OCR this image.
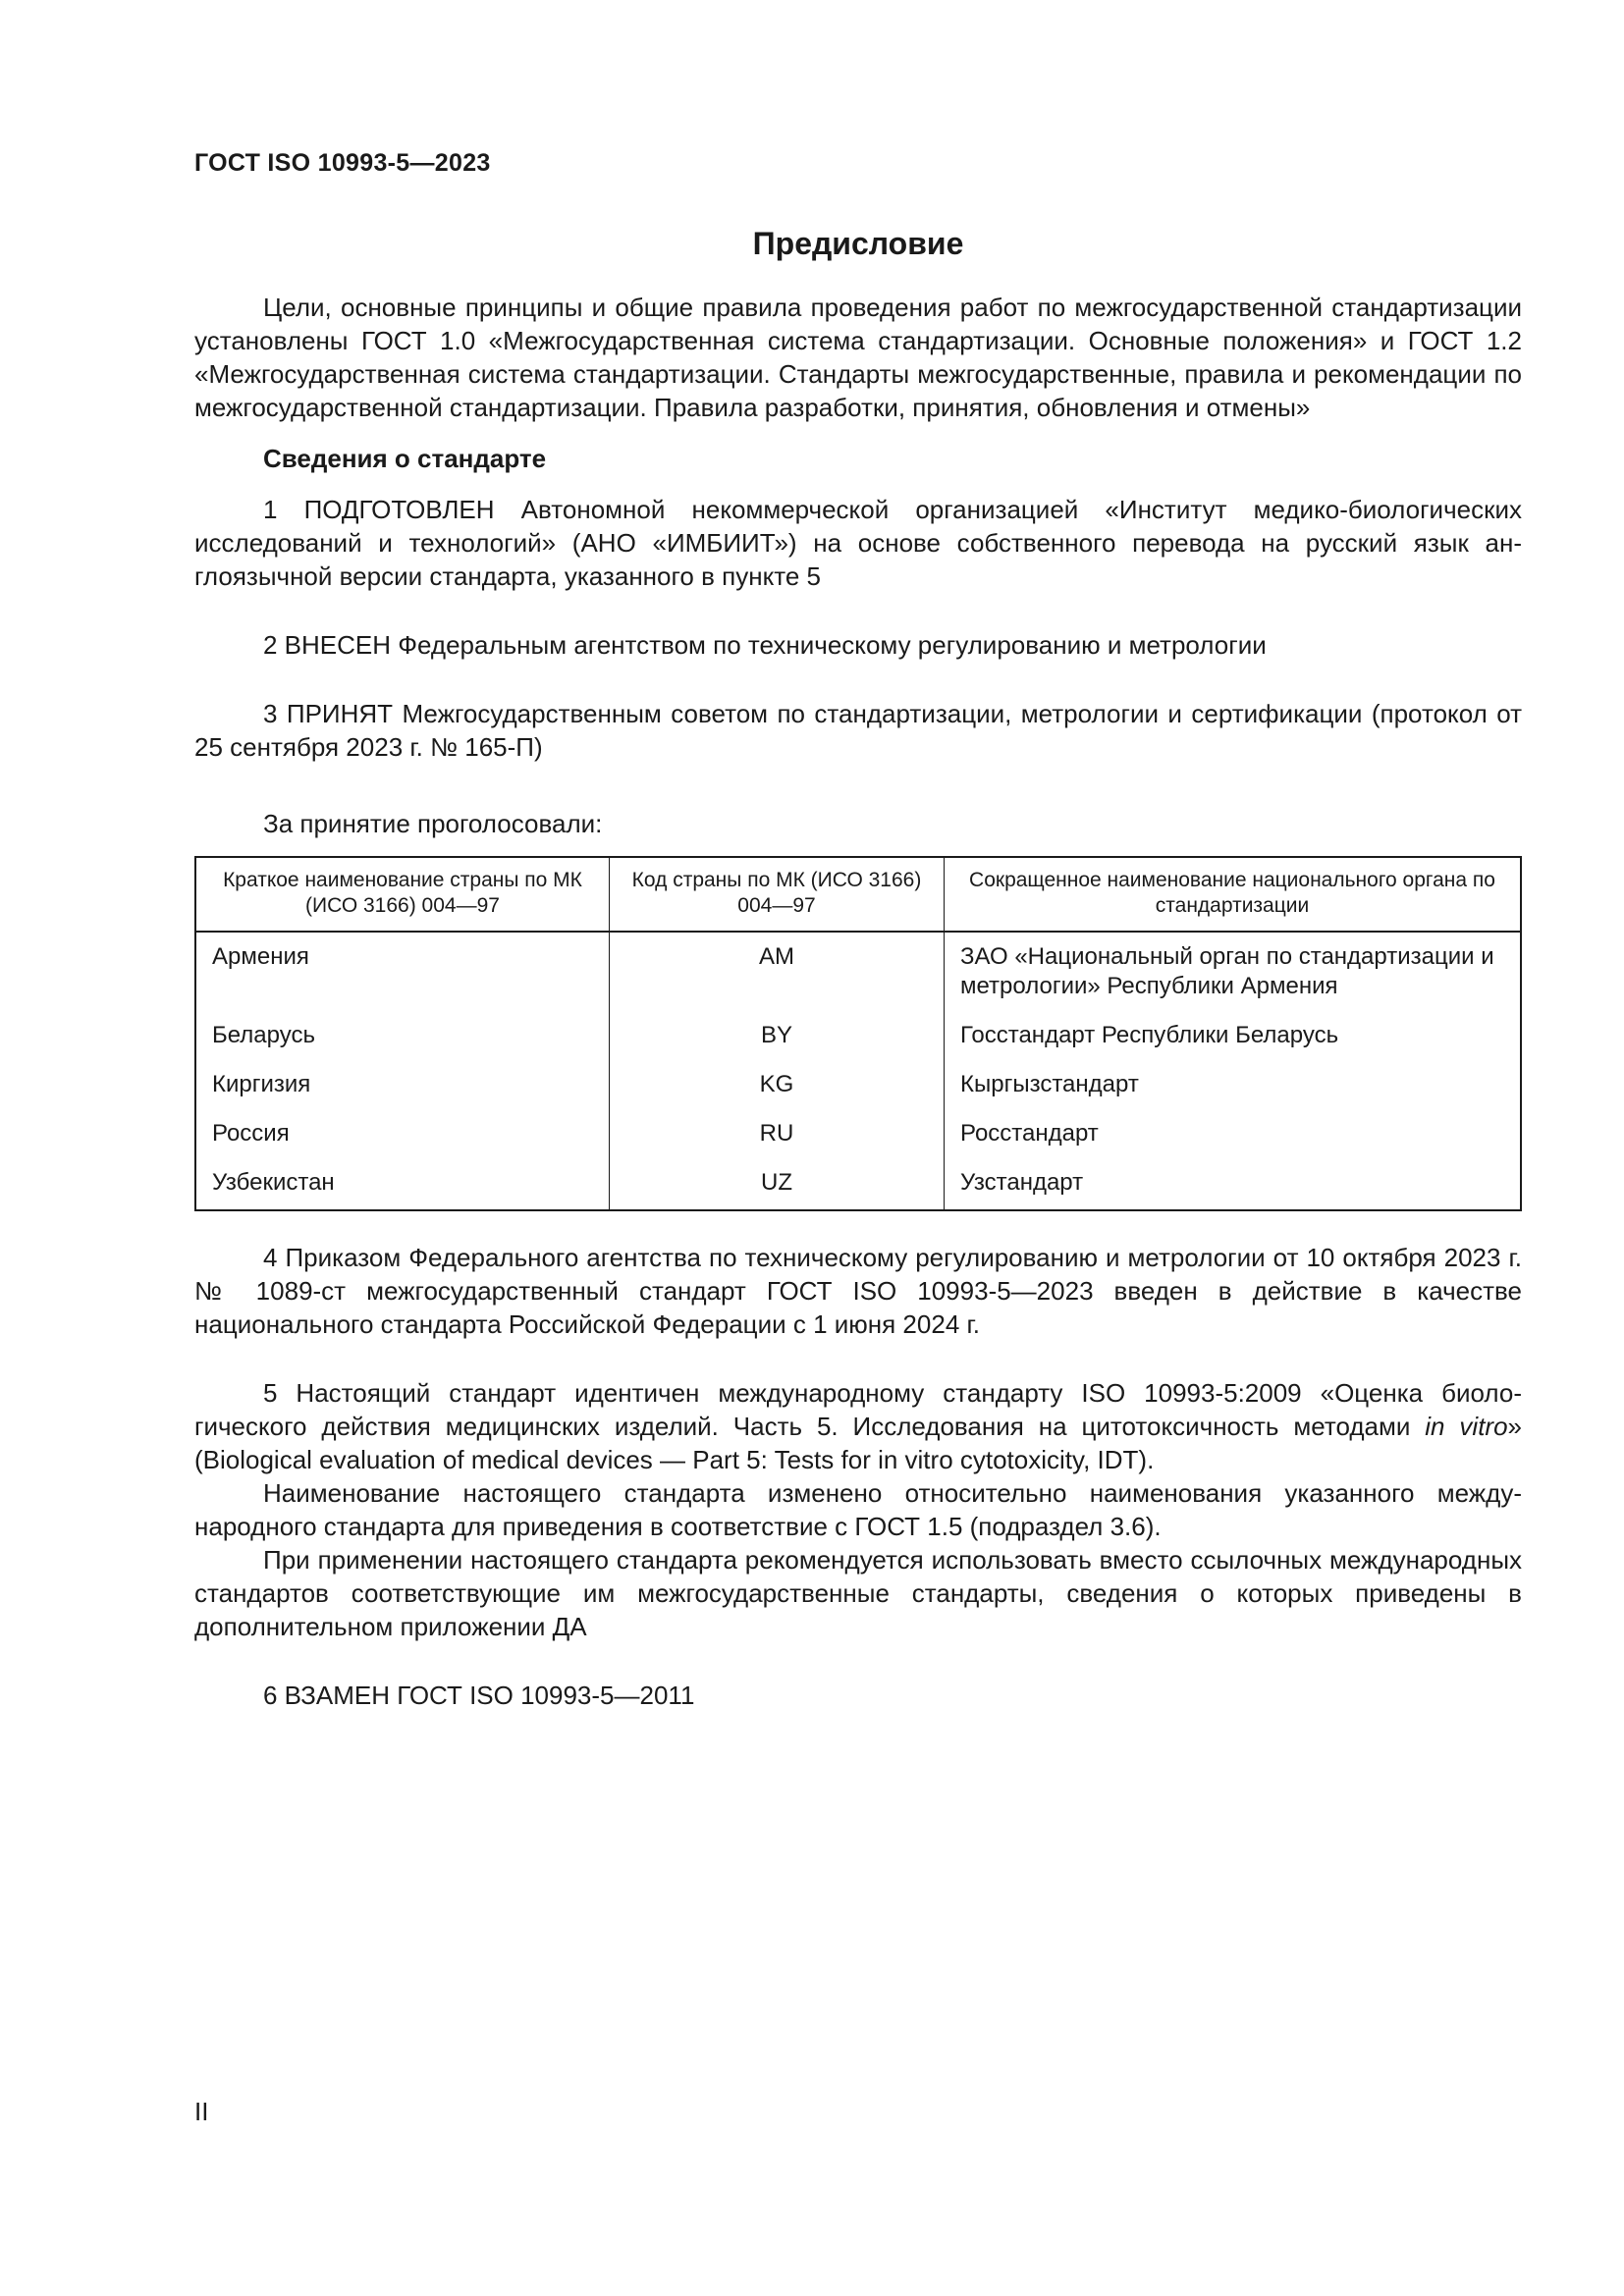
ГОСТ ISO 10993-5—2023
Предисловие

Цели, основные принципы и общие правила проведения работ по межгосударственной стандартизации установлены ГОСТ 1.0 «Межгосударственная система стандартизации. Основные положения» и ГОСТ 1.2 «Межгосударственная система стандартизации. Стандарты межгосударственные, правила и рекомендации по межгосударственной стандартизации. Правила разработки, принятия, обновления и отмены»

Сведения о стандарте

1 ПОДГОТОВЛЕН Автономной некоммерческой организацией «Институт медико-биологических исследований и технологий» (АНО «ИМБИИТ») на основе собственного перевода на русский язык англоязычной версии стандарта, указанного в пункте 5

2 ВНЕСЕН Федеральным агентством по техническому регулированию и метрологии

3 ПРИНЯТ Межгосударственным советом по стандартизации, метрологии и сертификации (протокол от 25 сентября 2023 г. № 165-П)

За принятие проголосовали:

Краткое наименование страны по МК (ИСО 3166) 004—97	Код страны по МК (ИСО 3166) 004—97	Сокращенное наименование национального органа по стандартизации
Армения	AM	ЗАО «Национальный орган по стандартизации и метрологии» Республики Армения
Беларусь	BY	Госстандарт Республики Беларусь
Киргизия	KG	Кыргызстандарт
Россия	RU	Росстандарт
Узбекистан	UZ	Узстандарт

4 Приказом Федерального агентства по техническому регулированию и метрологии от 10 октября 2023 г. № 1089-ст межгосударственный стандарт ГОСТ ISO 10993-5—2023 введен в действие в качестве национального стандарта Российской Федерации с 1 июня 2024 г.

5 Настоящий стандарт идентичен международному стандарту ISO 10993-5:2009 «Оценка биологического действия медицинских изделий. Часть 5. Исследования на цитотоксичность методами in vitro» (Biological evaluation of medical devices — Part 5: Tests for in vitro cytotoxicity, IDT).

Наименование настоящего стандарта изменено относительно наименования указанного международного стандарта для приведения в соответствие с ГОСТ 1.5 (подраздел 3.6).

При применении настоящего стандарта рекомендуется использовать вместо ссылочных международных стандартов соответствующие им межгосударственные стандарты, сведения о которых приведены в дополнительном приложении ДА

6 ВЗАМЕН ГОСТ ISO 10993-5—2011

II
